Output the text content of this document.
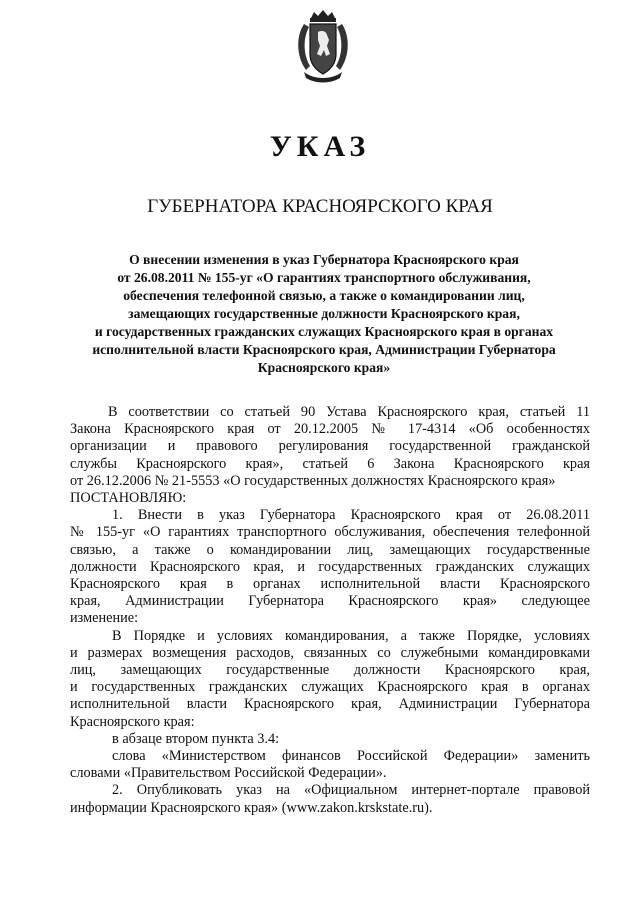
УКАЗ
ГУБЕРНАТОРА КРАСНОЯРСКОГО КРАЯ
О внесении изменения в указ Губернатора Красноярского края
от 26.08.2011 № 155-уг «О гарантиях транспортного обслуживания,
обеспечения телефонной связью, а также о командировании лиц,
замещающих государственные должности Красноярского края,
и государственных гражданских служащих Красноярского края в органах
исполнительной власти Красноярского края, Администрации Губернатора
Красноярского края»
В соответствии со статьей 90 Устава Красноярского края, статьей 11
Закона Красноярского края от 20.12.2005 № 17-4314 «Об особенностях
организации и правового регулирования государственной гражданской
службы Красноярского края», статьей 6 Закона Красноярского края
от 26.12.2006 № 21-5553 «О государственных должностях Красноярского края»
ПОСТАНОВЛЯЮ:
1. Внести в указ Губернатора Красноярского края от 26.08.2011
№ 155-уг «О гарантиях транспортного обслуживания, обеспечения телефонной
связью, а также о командировании лиц, замещающих государственные
должности Красноярского края, и государственных гражданских служащих
Красноярского края в органах исполнительной власти Красноярского
края, Администрации Губернатора Красноярского края» следующее
изменение:
В Порядке и условиях командирования, а также Порядке, условиях
и размерах возмещения расходов, связанных со служебными командировками
лиц, замещающих государственные должности Красноярского края,
и государственных гражданских служащих Красноярского края в органах
исполнительной власти Красноярского края, Администрации Губернатора
Красноярского края:
в абзаце втором пункта 3.4:
слова «Министерством финансов Российской Федерации» заменить
словами «Правительством Российской Федерации».
2. Опубликовать указ на «Официальном интернет-портале правовой
информации Красноярского края» (www.zakon.krskstate.ru).
